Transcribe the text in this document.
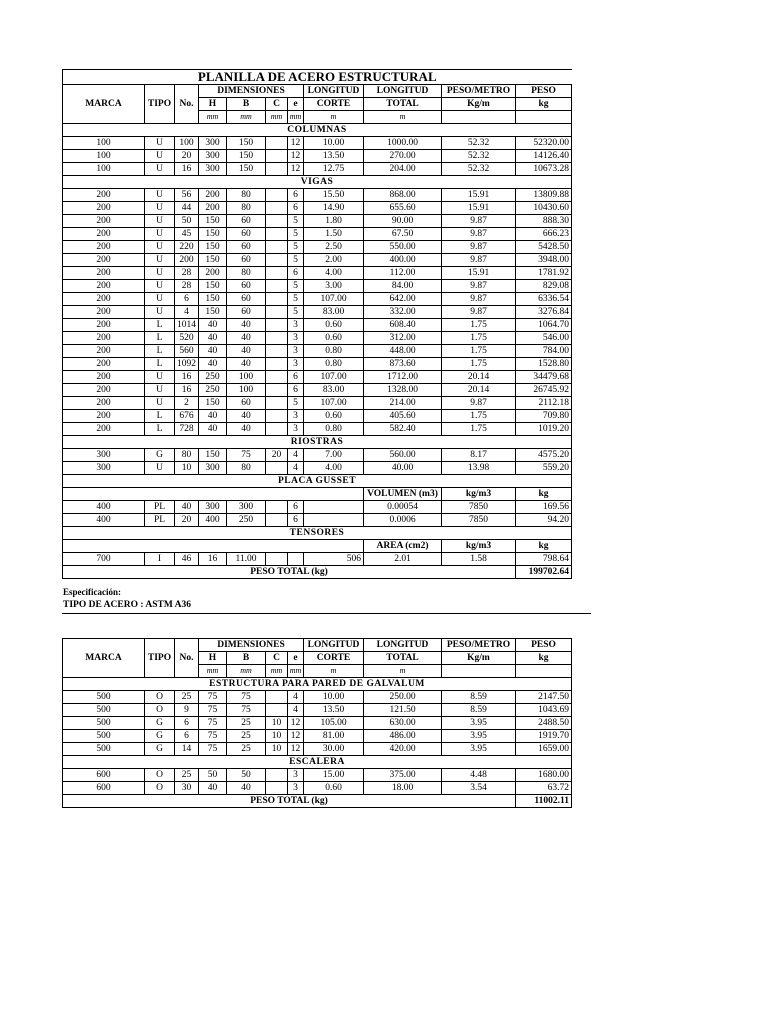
PLANILLA DE ACERO ESTRUCTURAL										
MARCA	TIPO	No.	DIMENSIONES				LONGITUD	LONGITUD	PESO/METRO	PESO
			H	B	C	e	CORTE	TOTAL	Kg/m	kg
			mm	mm	mm	mm	m	m		
COLUMNAS										
100	U	100	300	150		12	10.00	1000.00	52.32	52320.00
100	U	20	300	150		12	13.50	270.00	52.32	14126.40
100	U	16	300	150		12	12.75	204.00	52.32	10673.28
VIGAS										
200	U	56	200	80		6	15.50	868.00	15.91	13809.88
200	U	44	200	80		6	14.90	655.60	15.91	10430.60
200	U	50	150	60		5	1.80	90.00	9.87	888.30
200	U	45	150	60		5	1.50	67.50	9.87	666.23
200	U	220	150	60		5	2.50	550.00	9.87	5428.50
200	U	200	150	60		5	2.00	400.00	9.87	3948.00
200	U	28	200	80		6	4.00	112.00	15.91	1781.92
200	U	28	150	60		5	3.00	84.00	9.87	829.08
200	U	6	150	60		5	107.00	642.00	9.87	6336.54
200	U	4	150	60		5	83.00	332.00	9.87	3276.84
200	L	1014	40	40		3	0.60	608.40	1.75	1064.70
200	L	520	40	40		3	0.60	312.00	1.75	546.00
200	L	560	40	40		3	0.80	448.00	1.75	784.00
200	L	1092	40	40		3	0.80	873.60	1.75	1528.80
200	U	16	250	100		6	107.00	1712.00	20.14	34479.68
200	U	16	250	100		6	83.00	1328.00	20.14	26745.92
200	U	2	150	60		5	107.00	214.00	9.87	2112.18
200	L	676	40	40		3	0.60	405.60	1.75	709.80
200	L	728	40	40		3	0.80	582.40	1.75	1019.20
RIOSTRAS										
300	G	80	150	75	20	4	7.00	560.00	8.17	4575.20
300	U	10	300	80		4	4.00	40.00	13.98	559.20
PLACA GUSSET										
								VOLUMEN (m3)	kg/m3	kg
400	PL	40	300	300		6		0.00054	7850	169.56
400	PL	20	400	250		6		0.0006	7850	94.20
TENSORES										
								AREA (cm2)	kg/m3	kg
700	I	46	16	11.00			506	2.01	1.58	798.64
PESO TOTAL (kg)										199702.64
Especificación:
TIPO DE ACERO : ASTM A36
MARCA	TIPO	No.	DIMENSIONES				LONGITUD	LONGITUD	PESO/METRO	PESO
			H	B	C	e	CORTE	TOTAL	Kg/m	kg
			mm	mm	mm	mm	m	m		
ESTRUCTURA PARA PARED DE GALVALUM										
500	O	25	75	75		4	10.00	250.00	8.59	2147.50
500	O	9	75	75		4	13.50	121.50	8.59	1043.69
500	G	6	75	25	10	12	105.00	630.00	3.95	2488.50
500	G	6	75	25	10	12	81.00	486.00	3.95	1919.70
500	G	14	75	25	10	12	30.00	420.00	3.95	1659.00
ESCALERA										
600	O	25	50	50		3	15.00	375.00	4.48	1680.00
600	O	30	40	40		3	0.60	18.00	3.54	63.72
PESO TOTAL (kg)										11002.11
